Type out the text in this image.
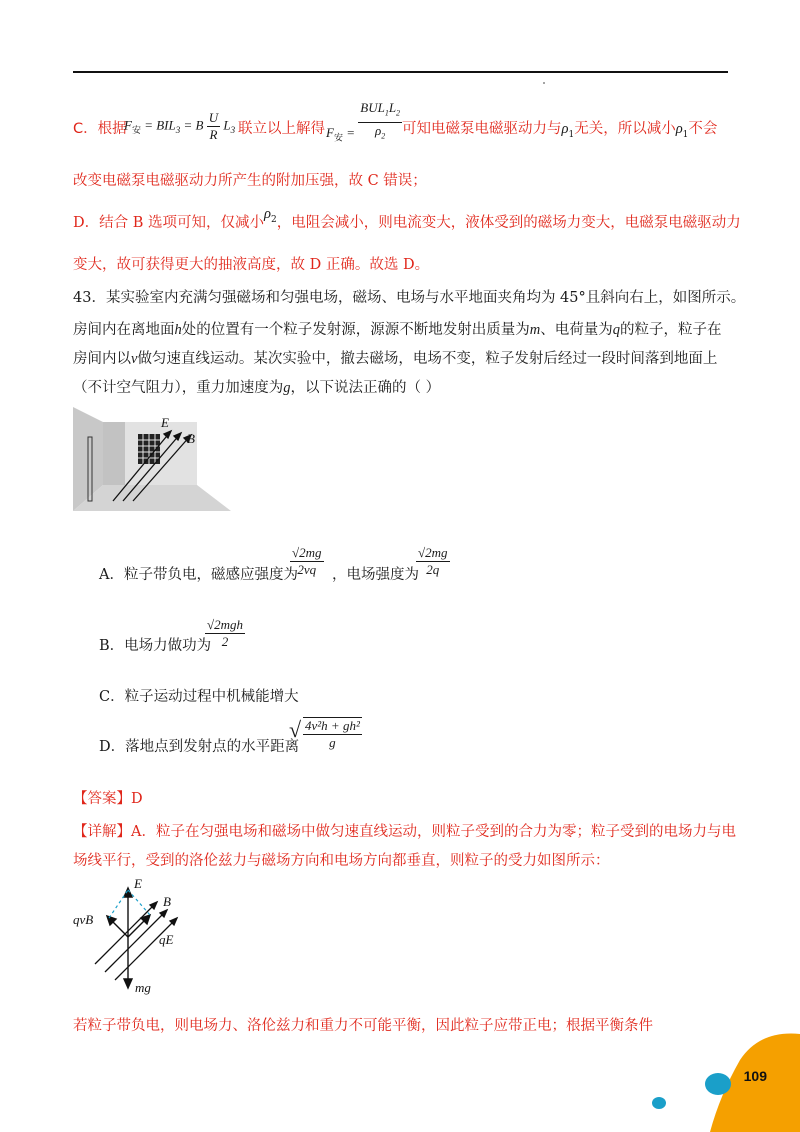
C．根据
$F_安 = BIL_3 = B \frac{U}{R} L_3$ 联立以上解得 $F_安 = \frac{BUL_1L_2}{\rho_2}$ 可知电磁泵电磁驱动力与$\rho_1$无关，所以减小$\rho_1$不会
改变电磁泵电磁驱动力所产生的附加压强，故 C 错误；
D．结合 B 选项可知，仅减小$\rho_2$，电阻会减小，则电流变大，液体受到的磁场力变大，电磁泵电磁驱动力
变大，故可获得更大的抽液高度，故 D 正确。故选 D。
43．某实验室内充满匀强磁场和匀强电场，磁场、电场与水平地面夹角均为 45°且斜向右上，如图所示。
房间内在离地面h处的位置有一个粒子发射源，源源不断地发射出质量为m、电荷量为q的粒子，粒子在
房间内以v做匀速直线运动。某次实验中，撤去磁场，电场不变，粒子发射后经过一段时间落到地面上
（不计空气阻力），重力加速度为g，以下说法正确的（ ）
E
B
A．粒子带负电，磁感应强度为
$\frac{√2mg}{2vq}$ ，电场强度为
$\frac{√2mg}{2q}$
B．电场力做功为
√2mgh
2
C．粒子运动过程中机械能增大
D．落地点到发射点的水平距离
√ $\frac{\text{4v²h + gh²}}{g}$
【答案】D
【详解】A．粒子在匀强电场和磁场中做匀速直线运动，则粒子受到的合力为零；粒子受到的电场力与电
场线平行，受到的洛伦兹力与磁场方向和电场方向都垂直，则粒子的受力如图所示：
E
B
qvB
qE
mg
若粒子带负电，则电场力、洛伦兹力和重力不可能平衡，因此粒子应带正电；根据平衡条件
109
